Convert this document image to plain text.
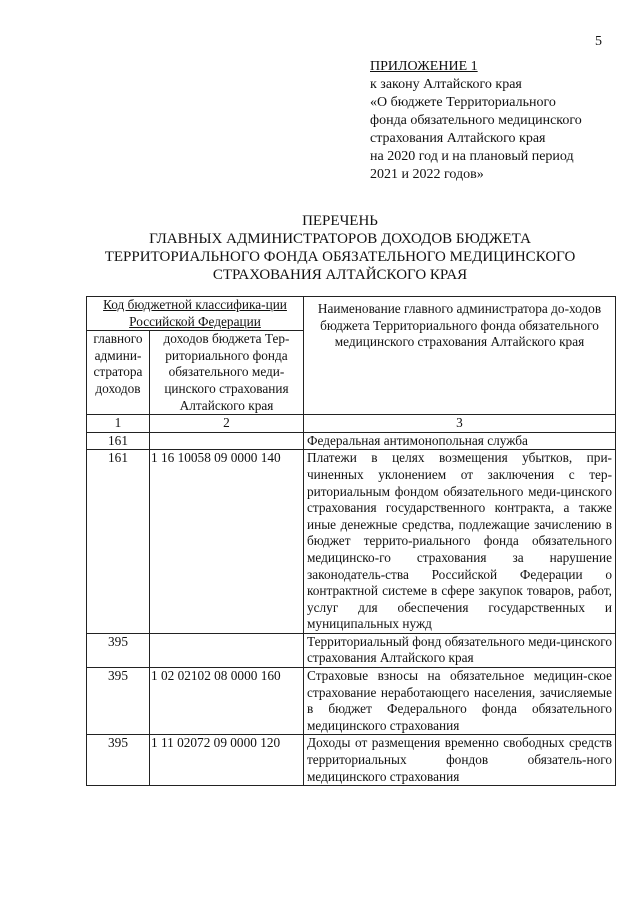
5
ПРИЛОЖЕНИЕ 1
к закону Алтайского края
«О бюджете Территориального
фонда обязательного медицинского
страхования Алтайского края
на 2020 год и на плановый период
2021 и 2022 годов»
ПЕРЕЧЕНЬ
ГЛАВНЫХ АДМИНИСТРАТОРОВ ДОХОДОВ БЮДЖЕТА
ТЕРРИТОРИАЛЬНОГО ФОНДА ОБЯЗАТЕЛЬНОГО МЕДИЦИНСКОГО
СТРАХОВАНИЯ АЛТАЙСКОГО КРАЯ
Код бюджетной классифика-ции Российской Федерации		Наименование главного администратора до-ходов бюджета Территориального фонда обязательного медицинского страхования Алтайского края
главного админи-стратора доходов	доходов бюджета Тер-риториального фонда обязательного меди-цинского страхования Алтайского края	
1	2	3
161		Федеральная антимонопольная служба
161	1 16 10058 09 0000 140	Платежи в целях возмещения убытков, при-чиненных уклонением от заключения с тер-риториальным фондом обязательного меди-цинского страхования государственного контракта, а также иные денежные средства, подлежащие зачислению в бюджет террито-риального фонда обязательного медицинско-го страхования за нарушение законодатель-ства Российской Федерации о контрактной системе в сфере закупок товаров, работ, услуг для обеспечения государственных и муниципальных нужд
395		Территориальный фонд обязательного меди-цинского страхования Алтайского края
395	1 02 02102 08 0000 160	Страховые взносы на обязательное медицин-ское страхование неработающего населения, зачисляемые в бюджет Федерального фонда обязательного медицинского страхования
395	1 11 02072 09 0000 120	Доходы от размещения временно свободных средств территориальных фондов обязатель-ного медицинского страхования
